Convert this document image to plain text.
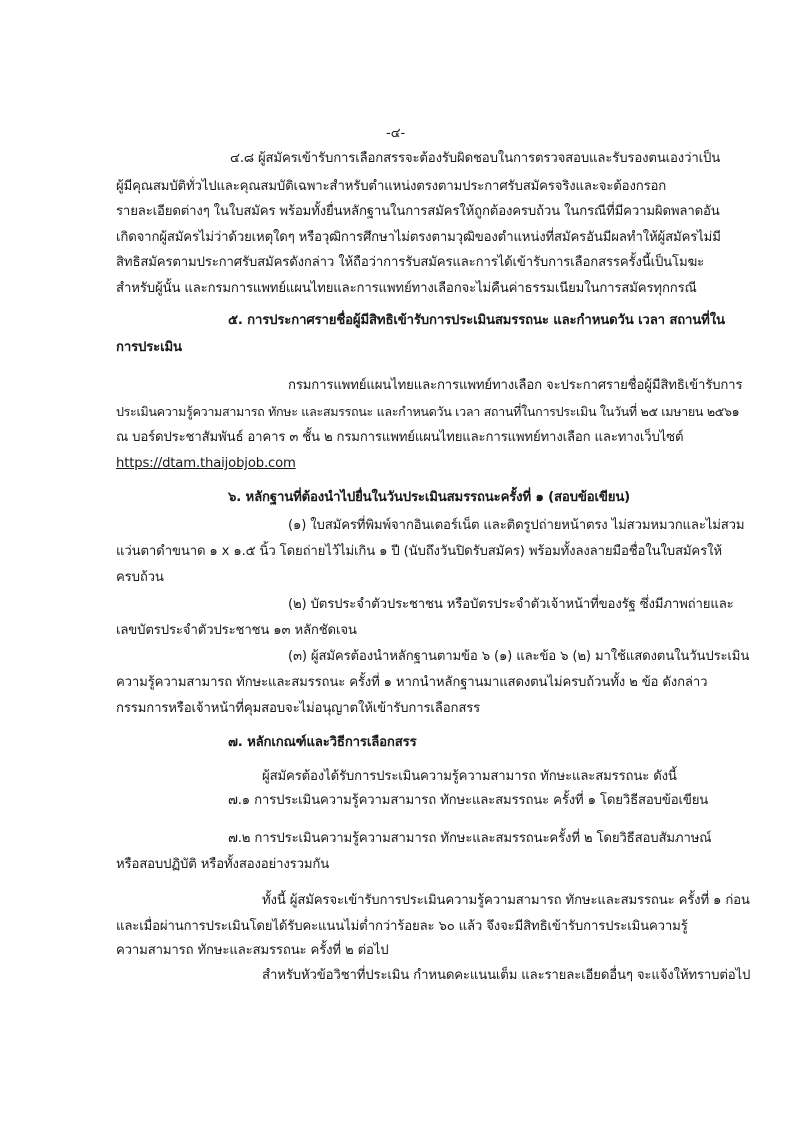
-๔-
๔.๘ ผู้สมัครเข้ารับการเลือกสรรจะต้องรับผิดชอบในการตรวจสอบและรับรองตนเองว่าเป็น
ผู้มีคุณสมบัติทั่วไปและคุณสมบัติเฉพาะสำหรับตำแหน่งตรงตามประกาศรับสมัครจริงและจะต้องกรอก
รายละเอียดต่างๆ ในใบสมัคร พร้อมทั้งยื่นหลักฐานในการสมัครให้ถูกต้องครบถ้วน ในกรณีที่มีความผิดพลาดอัน
เกิดจากผู้สมัครไม่ว่าด้วยเหตุใดๆ หรือวุฒิการศึกษาไม่ตรงตามวุฒิของตำแหน่งที่สมัครอันมีผลทำให้ผู้สมัครไม่มี
สิทธิสมัครตามประกาศรับสมัครดังกล่าว ให้ถือว่าการรับสมัครและการได้เข้ารับการเลือกสรรครั้งนี้เป็นโมฆะ
สำหรับผู้นั้น และกรมการแพทย์แผนไทยและการแพทย์ทางเลือกจะไม่คืนค่าธรรมเนียมในการสมัครทุกกรณี
๕. การประกาศรายชื่อผู้มีสิทธิเข้ารับการประเมินสมรรถนะ และกำหนดวัน เวลา สถานที่ใน
การประเมิน
กรมการแพทย์แผนไทยและการแพทย์ทางเลือก จะประกาศรายชื่อผู้มีสิทธิเข้ารับการ
ประเมินความรู้ความสามารถ ทักษะ และสมรรถนะ และกำหนดวัน เวลา สถานที่ในการประเมิน ในวันที่ ๒๕ เมษายน ๒๕๖๑
ณ บอร์ดประชาสัมพันธ์ อาคาร ๓ ชั้น ๒ กรมการแพทย์แผนไทยและการแพทย์ทางเลือก และทางเว็บไซต์
https://dtam.thaijobjob.com
๖. หลักฐานที่ต้องนำไปยื่นในวันประเมินสมรรถนะครั้งที่ ๑ (สอบข้อเขียน)
(๑) ใบสมัครที่พิมพ์จากอินเตอร์เน็ต และติดรูปถ่ายหน้าตรง ไม่สวมหมวกและไม่สวม
แว่นตาดำขนาด ๑ x ๑.๕ นิ้ว โดยถ่ายไว้ไม่เกิน ๑ ปี (นับถึงวันปิดรับสมัคร) พร้อมทั้งลงลายมือชื่อในใบสมัครให้
ครบถ้วน
(๒) บัตรประจำตัวประชาชน หรือบัตรประจำตัวเจ้าหน้าที่ของรัฐ ซึ่งมีภาพถ่ายและ
เลขบัตรประจำตัวประชาชน ๑๓ หลักชัดเจน
(๓) ผู้สมัครต้องนำหลักฐานตามข้อ ๖ (๑) และข้อ ๖ (๒) มาใช้แสดงตนในวันประเมิน
ความรู้ความสามารถ ทักษะและสมรรถนะ ครั้งที่ ๑ หากนำหลักฐานมาแสดงตนไม่ครบถ้วนทั้ง ๒ ข้อ ดังกล่าว
กรรมการหรือเจ้าหน้าที่คุมสอบจะไม่อนุญาตให้เข้ารับการเลือกสรร
๗. หลักเกณฑ์และวิธีการเลือกสรร
ผู้สมัครต้องได้รับการประเมินความรู้ความสามารถ ทักษะและสมรรถนะ ดังนี้
๗.๑ การประเมินความรู้ความสามารถ ทักษะและสมรรถนะ ครั้งที่ ๑ โดยวิธีสอบข้อเขียน
๗.๒ การประเมินความรู้ความสามารถ ทักษะและสมรรถนะครั้งที่ ๒ โดยวิธีสอบสัมภาษณ์
หรือสอบปฏิบัติ หรือทั้งสองอย่างรวมกัน
ทั้งนี้ ผู้สมัครจะเข้ารับการประเมินความรู้ความสามารถ ทักษะและสมรรถนะ ครั้งที่ ๑ ก่อน
และเมื่อผ่านการประเมินโดยได้รับคะแนนไม่ต่ำกว่าร้อยละ ๖๐ แล้ว จึงจะมีสิทธิเข้ารับการประเมินความรู้
ความสามารถ ทักษะและสมรรถนะ ครั้งที่ ๒ ต่อไป
สำหรับหัวข้อวิชาที่ประเมิน กำหนดคะแนนเต็ม และรายละเอียดอื่นๆ จะแจ้งให้ทราบต่อไป
